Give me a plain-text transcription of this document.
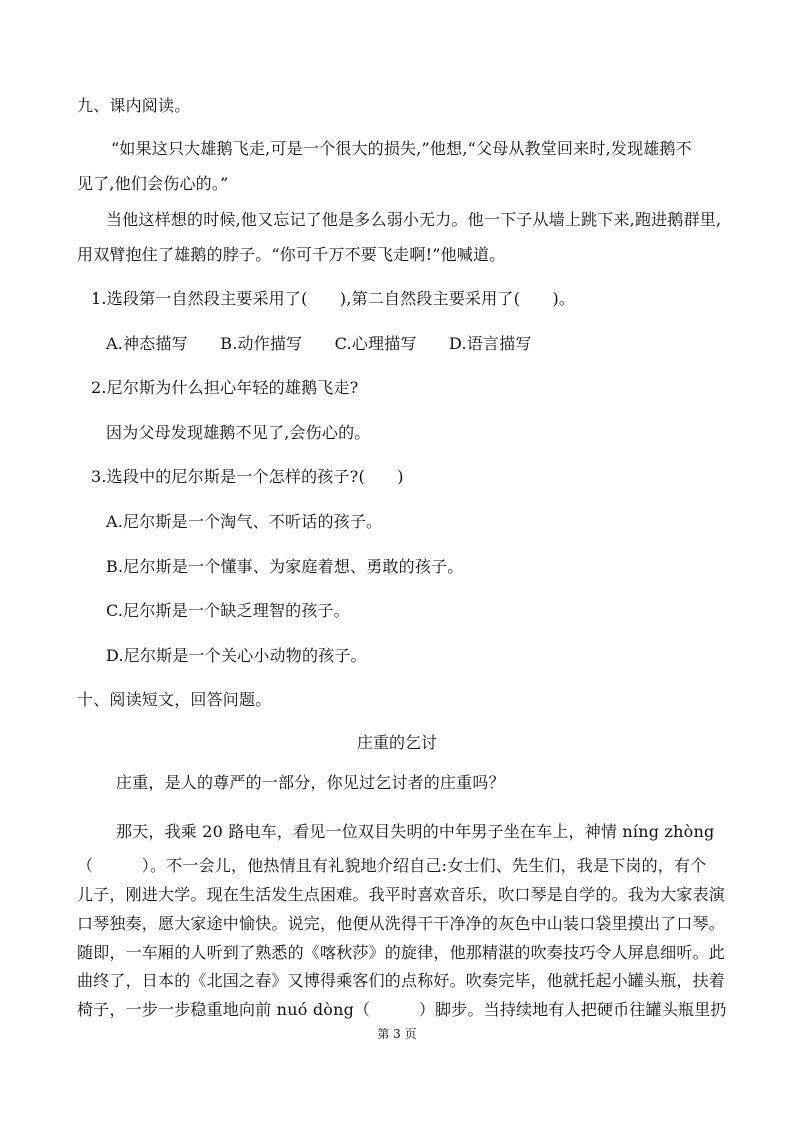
九、课内阅读。
“如果这只大雄鹅飞走,可是一个很大的损失,”他想,“父母从教堂回来时,发现雄鹅不
见了,他们会伤心的。”
当他这样想的时候,他又忘记了他是多么弱小无力。他一下子从墙上跳下来,跑进鹅群里,
用双臂抱住了雄鹅的脖子。“你可千万不要飞走啊!”他喊道。
1.选段第一自然段主要采用了(　　),第二自然段主要采用了(　　)。
A.神态描写　　B.动作描写　　C.心理描写　　D.语言描写
2.尼尔斯为什么担心年轻的雄鹅飞走?
因为父母发现雄鹅不见了,会伤心的。
3.选段中的尼尔斯是一个怎样的孩子?(　　)
A.尼尔斯是一个淘气、不听话的孩子。
B.尼尔斯是一个懂事、为家庭着想、勇敢的孩子。
C.尼尔斯是一个缺乏理智的孩子。
D.尼尔斯是一个关心小动物的孩子。
十、阅读短文，回答问题。
庄重的乞讨
庄重，是人的尊严的一部分，你见过乞讨者的庄重吗？
那天，我乘 20 路电车，看见一位双目失明的中年男子坐在车上，神情 níng zhòng
（　　　）。不一会儿，他热情且有礼貌地介绍自己:女士们、先生们，我是下岗的，有个
儿子，刚进大学。现在生活发生点困难。我平时喜欢音乐，吹口琴是自学的。我为大家表演
口琴独奏，愿大家途中愉快。说完，他便从洗得干干净净的灰色中山装口袋里摸出了口琴。
随即，一车厢的人听到了熟悉的《喀秋莎》的旋律，他那精湛的吹奏技巧令人屏息细听。此
曲终了，日本的《北国之春》又博得乘客们的点称好。吹奏完毕，他就托起小罐头瓶，扶着
椅子，一步一步稳重地向前 nuó dòng（　　　）脚步。当持续地有人把硬币往罐头瓶里扔
第 3 页
